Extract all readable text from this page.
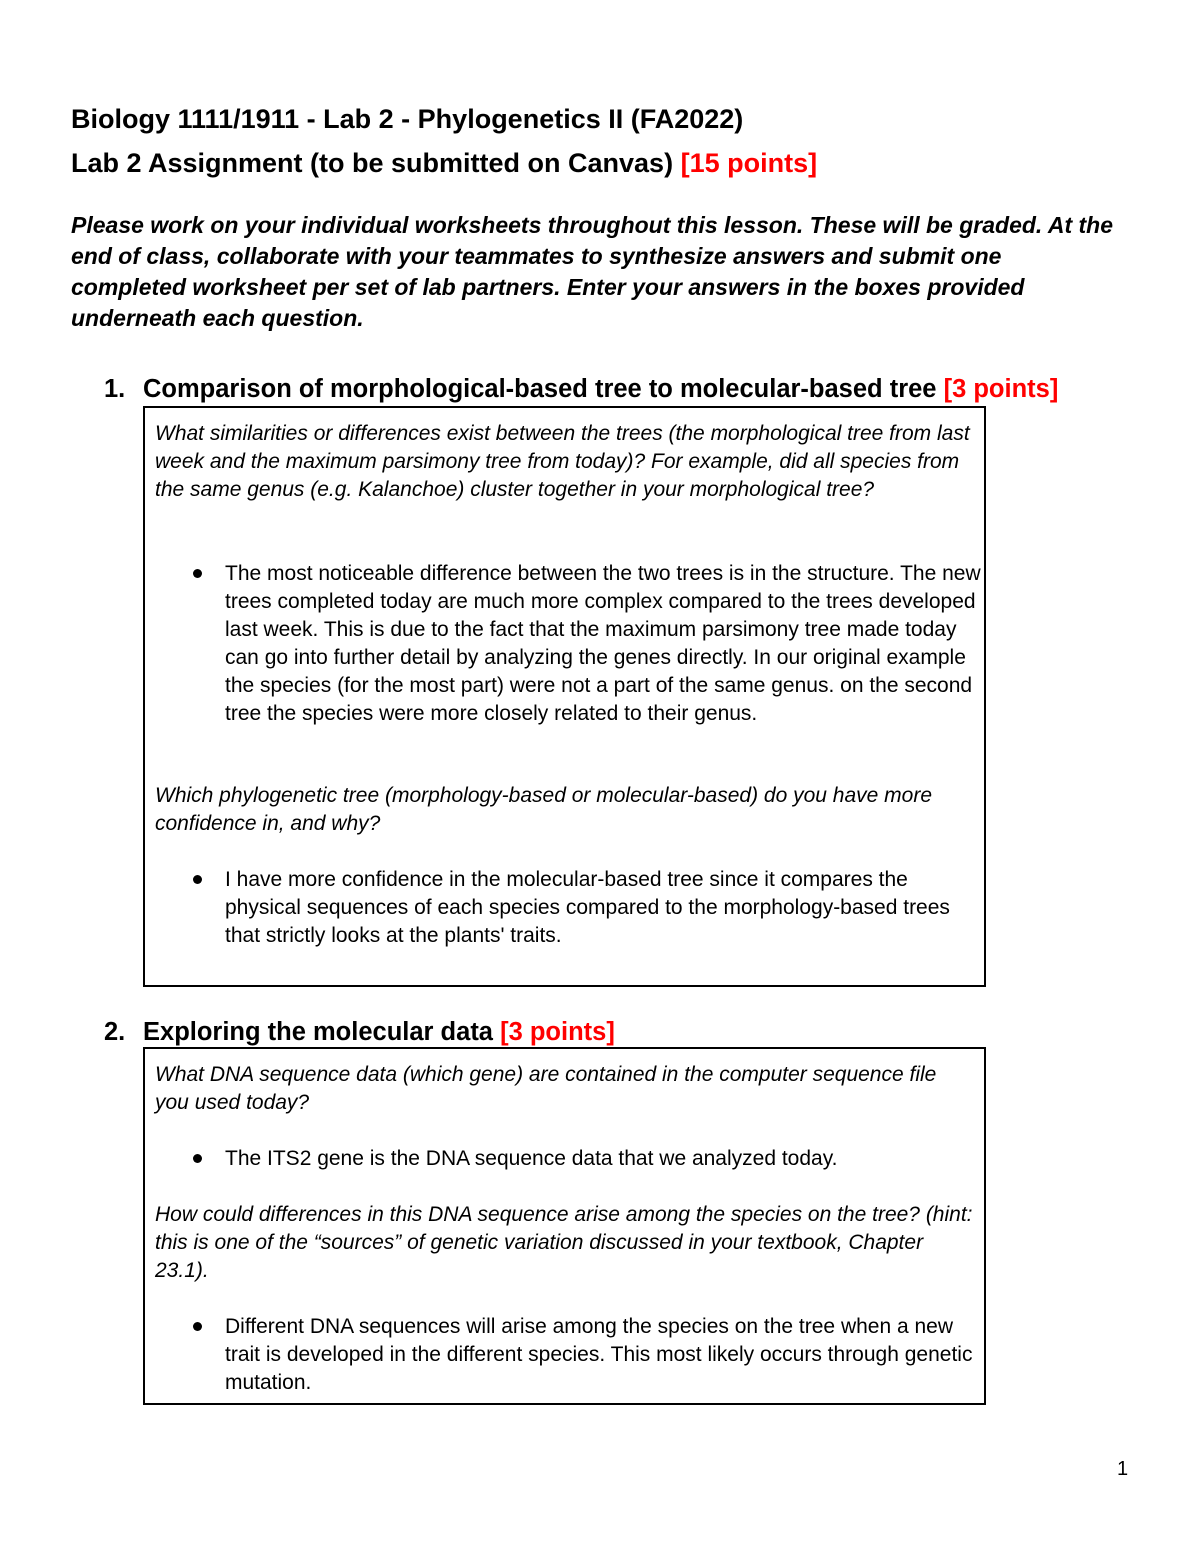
Biology 1111/1911 - Lab 2 - Phylogenetics II (FA2022)
Lab 2 Assignment (to be submitted on Canvas) [15 points]
Please work on your individual worksheets throughout this lesson. These will be graded. At the end of class, collaborate with your teammates to synthesize answers and submit one completed worksheet per set of lab partners. Enter your answers in the boxes provided underneath each question.
1. Comparison of morphological-based tree to molecular-based tree [3 points]
What similarities or differences exist between the trees (the morphological tree from last week and the maximum parsimony tree from today)? For example, did all species from the same genus (e.g. Kalanchoe) cluster together in your morphological tree?
The most noticeable difference between the two trees is in the structure. The new trees completed today are much more complex compared to the trees developed last week. This is due to the fact that the maximum parsimony tree made today can go into further detail by analyzing the genes directly. In our original example the species (for the most part) were not a part of the same genus. on the second tree the species were more closely related to their genus.
Which phylogenetic tree (morphology-based or molecular-based) do you have more confidence in, and why?
I have more confidence in the molecular-based tree since it compares the physical sequences of each species compared to the morphology-based trees that strictly looks at the plants' traits.
2. Exploring the molecular data [3 points]
What DNA sequence data (which gene) are contained in the computer sequence file you used today?
The ITS2 gene is the DNA sequence data that we analyzed today.
How could differences in this DNA sequence arise among the species on the tree? (hint: this is one of the “sources” of genetic variation discussed in your textbook, Chapter 23.1).
Different DNA sequences will arise among the species on the tree when a new trait is developed in the different species. This most likely occurs through genetic mutation.
1
